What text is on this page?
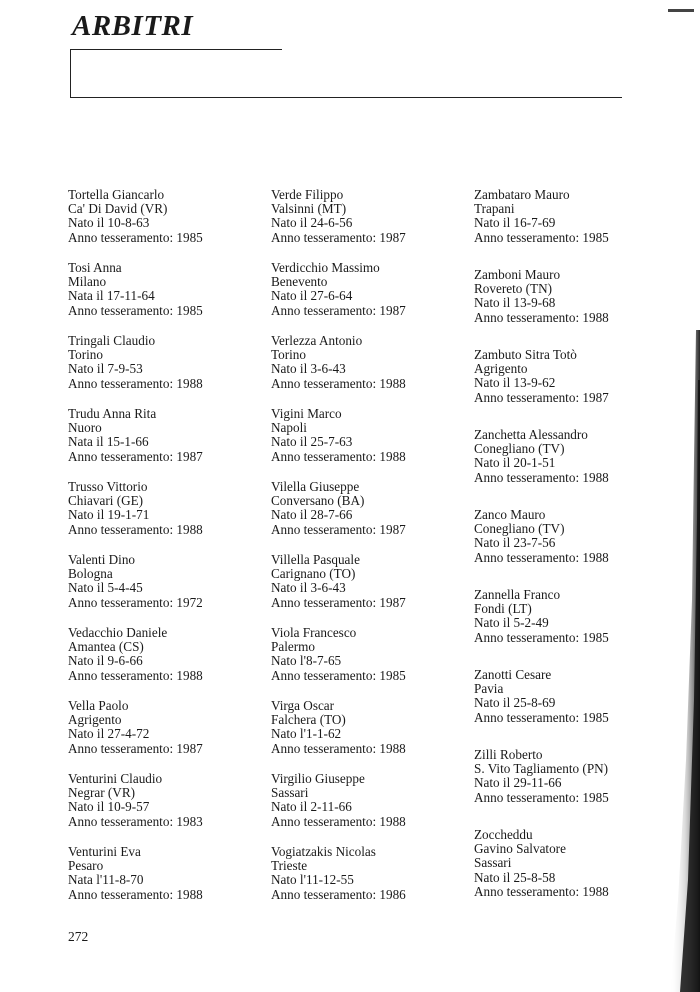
ARBITRI
Tortella Giancarlo
Ca' Di David (VR)
Nato il 10-8-63
Anno tesseramento: 1985
Tosi Anna
Milano
Nata il 17-11-64
Anno tesseramento: 1985
Tringali Claudio
Torino
Nato il 7-9-53
Anno tesseramento: 1988
Trudu Anna Rita
Nuoro
Nata il 15-1-66
Anno tesseramento: 1987
Trusso Vittorio
Chiavari (GE)
Nato il 19-1-71
Anno tesseramento: 1988
Valenti Dino
Bologna
Nato il 5-4-45
Anno tesseramento: 1972
Vedacchio Daniele
Amantea (CS)
Nato il 9-6-66
Anno tesseramento: 1988
Vella Paolo
Agrigento
Nato il 27-4-72
Anno tesseramento: 1987
Venturini Claudio
Negrar (VR)
Nato il 10-9-57
Anno tesseramento: 1983
Venturini Eva
Pesaro
Nata l'11-8-70
Anno tesseramento: 1988
Verde Filippo
Valsinni (MT)
Nato il 24-6-56
Anno tesseramento: 1987
Verdicchio Massimo
Benevento
Nato il 27-6-64
Anno tesseramento: 1987
Verlezza Antonio
Torino
Nato il 3-6-43
Anno tesseramento: 1988
Vigini Marco
Napoli
Nato il 25-7-63
Anno tesseramento: 1988
Vilella Giuseppe
Conversano (BA)
Nato il 28-7-66
Anno tesseramento: 1987
Villella Pasquale
Carignano (TO)
Nato il 3-6-43
Anno tesseramento: 1987
Viola Francesco
Palermo
Nato l'8-7-65
Anno tesseramento: 1985
Virga Oscar
Falchera (TO)
Nato l'1-1-62
Anno tesseramento: 1988
Virgilio Giuseppe
Sassari
Nato il 2-11-66
Anno tesseramento: 1988
Vogiatzakis Nicolas
Trieste
Nato l'11-12-55
Anno tesseramento: 1986
Zambataro Mauro
Trapani
Nato il 16-7-69
Anno tesseramento: 1985
Zamboni Mauro
Rovereto (TN)
Nato il 13-9-68
Anno tesseramento: 1988
Zambuto Sitra Totò
Agrigento
Nato il 13-9-62
Anno tesseramento: 1987
Zanchetta Alessandro
Conegliano (TV)
Nato il 20-1-51
Anno tesseramento: 1988
Zanco Mauro
Conegliano (TV)
Nato il 23-7-56
Anno tesseramento: 1988
Zannella Franco
Fondi (LT)
Nato il 5-2-49
Anno tesseramento: 1985
Zanotti Cesare
Pavia
Nato il 25-8-69
Anno tesseramento: 1985
Zilli Roberto
S. Vito Tagliamento (PN)
Nato il 29-11-66
Anno tesseramento: 1985
Zoccheddu
Gavino Salvatore
Sassari
Nato il 25-8-58
Anno tesseramento: 1988
272
